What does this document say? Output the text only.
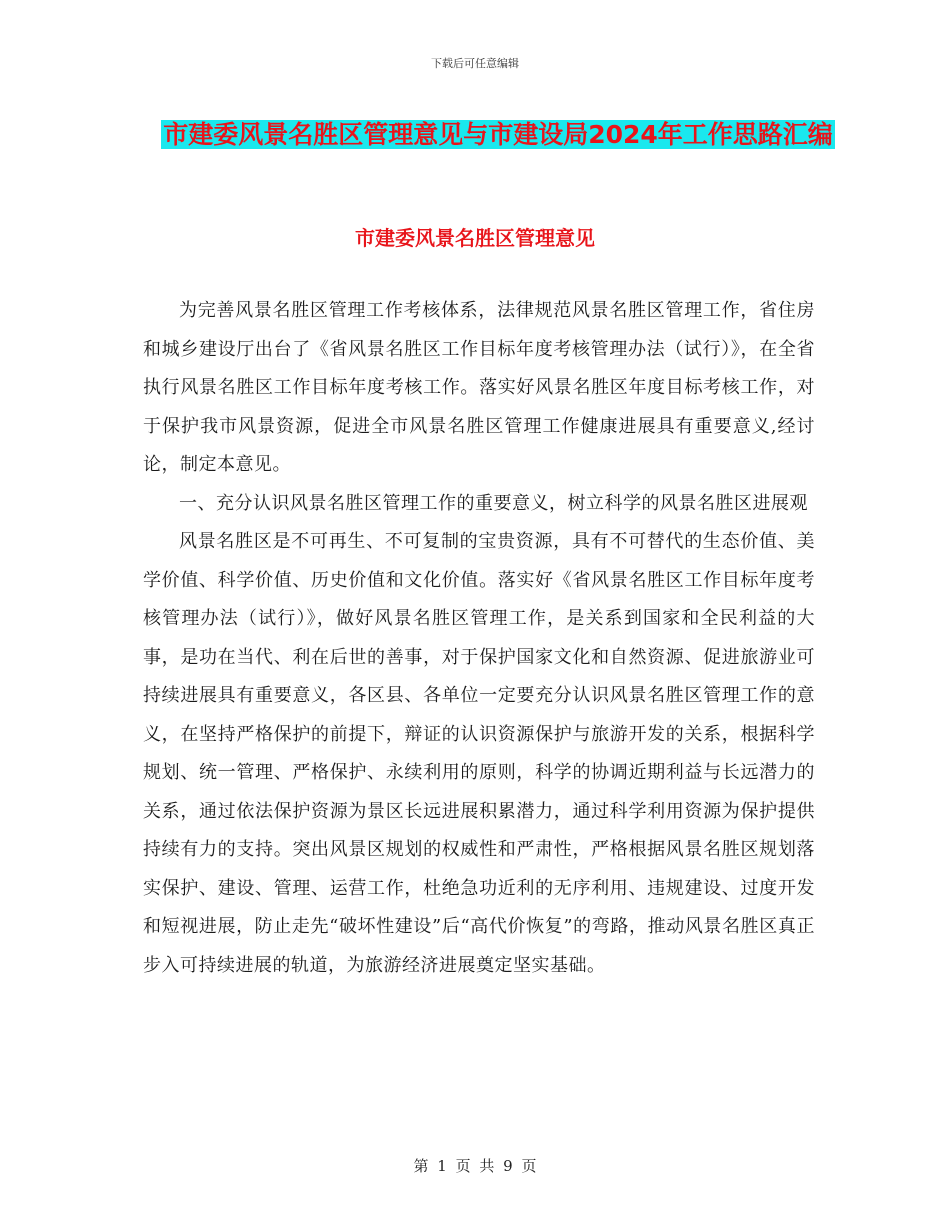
下载后可任意编辑
市建委风景名胜区管理意见与市建设局2024年工作思路汇编
市建委风景名胜区管理意见

为完善风景名胜区管理工作考核体系，法律规范风景名胜区管理工作，省住房和城乡建设厅出台了《省风景名胜区工作目标年度考核管理办法（试行）》，在全省执行风景名胜区工作目标年度考核工作。落实好风景名胜区年度目标考核工作，对于保护我市风景资源，促进全市风景名胜区管理工作健康进展具有重要意义,经讨论，制定本意见。

一、充分认识风景名胜区管理工作的重要意义，树立科学的风景名胜区进展观

风景名胜区是不可再生、不可复制的宝贵资源，具有不可替代的生态价值、美学价值、科学价值、历史价值和文化价值。落实好《省风景名胜区工作目标年度考核管理办法（试行）》，做好风景名胜区管理工作，是关系到国家和全民利益的大事，是功在当代、利在后世的善事，对于保护国家文化和自然资源、促进旅游业可持续进展具有重要意义，各区县、各单位一定要充分认识风景名胜区管理工作的意义，在坚持严格保护的前提下，辩证的认识资源保护与旅游开发的关系，根据科学规划、统一管理、严格保护、永续利用的原则，科学的协调近期利益与长远潜力的关系，通过依法保护资源为景区长远进展积累潜力，通过科学利用资源为保护提供持续有力的支持。突出风景区规划的权威性和严肃性，严格根据风景名胜区规划落实保护、建设、管理、运营工作，杜绝急功近利的无序利用、违规建设、过度开发和短视进展，防止走先“破坏性建设”后“高代价恢复”的弯路，推动风景名胜区真正步入可持续进展的轨道，为旅游经济进展奠定坚实基础。

第 1 页 共 9 页
